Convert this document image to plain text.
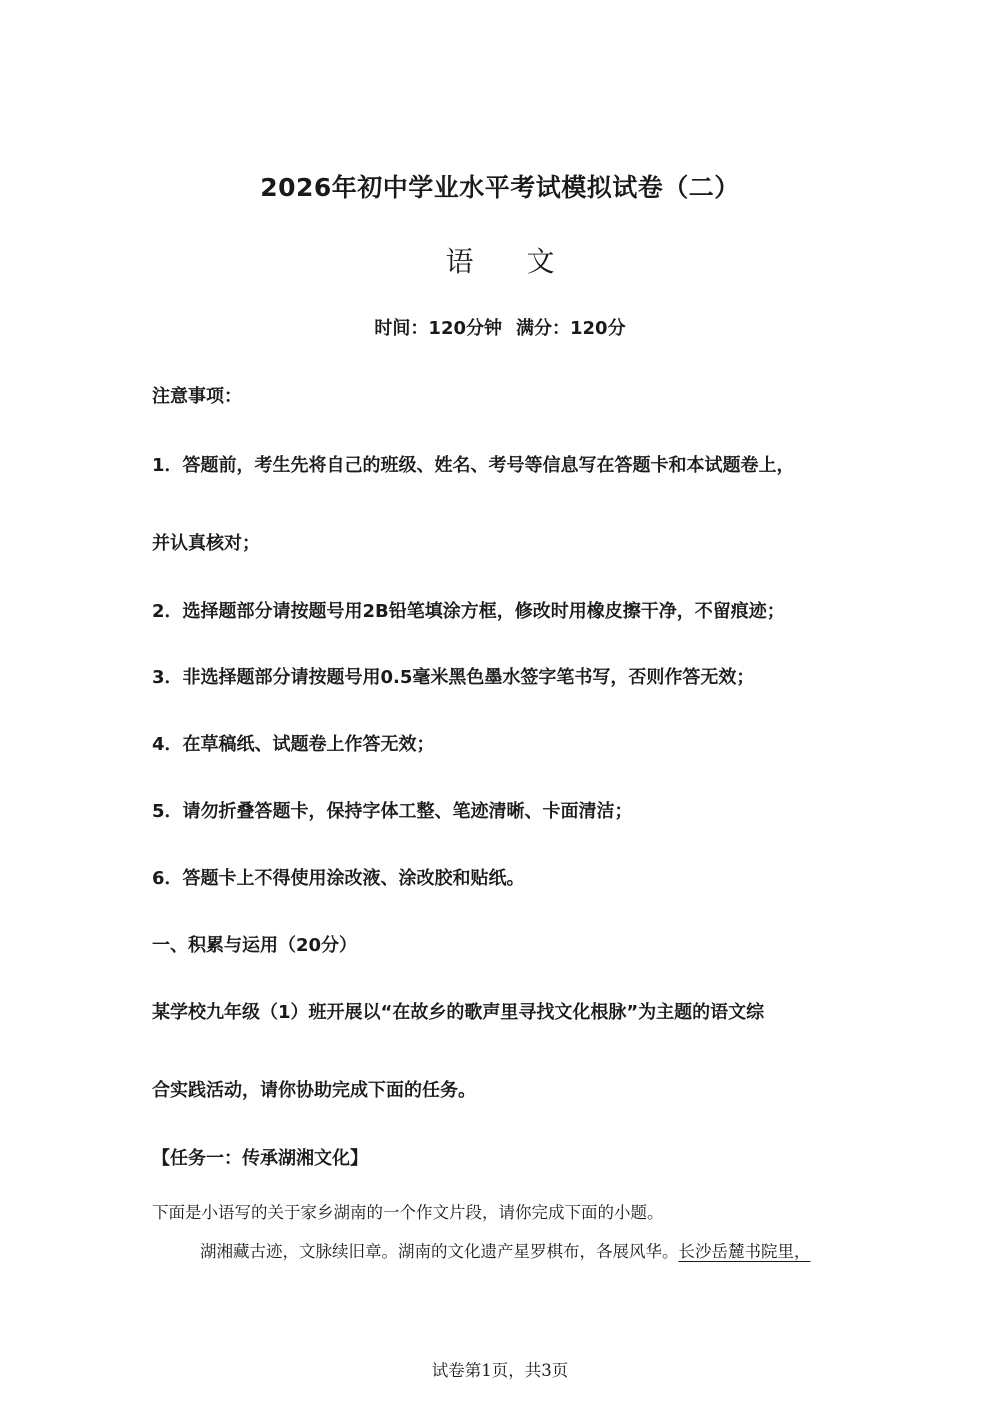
2026年初中学业水平考试模拟试卷（二）
语 文
时间：120分钟 满分：120分
注意事项：
1．答题前，考生先将自己的班级、姓名、考号等信息写在答题卡和本试题卷上，
并认真核对；
2．选择题部分请按题号用2B铅笔填涂方框，修改时用橡皮擦干净，不留痕迹；
3．非选择题部分请按题号用0.5毫米黑色墨水签字笔书写，否则作答无效；
4．在草稿纸、试题卷上作答无效；
5．请勿折叠答题卡，保持字体工整、笔迹清晰、卡面清洁；
6．答题卡上不得使用涂改液、涂改胶和贴纸。
一、积累与运用（20分）
某学校九年级（1）班开展以“在故乡的歌声里寻找文化根脉”为主题的语文综
合实践活动，请你协助完成下面的任务。
【任务一：传承湖湘文化】
下面是小语写的关于家乡湖南的一个作文片段，请你完成下面的小题。
湖湘藏古迹，文脉续旧章。湖南的文化遗产星罗棋布，各展风华。长沙岳麓书院里，
试卷第1页，共3页
